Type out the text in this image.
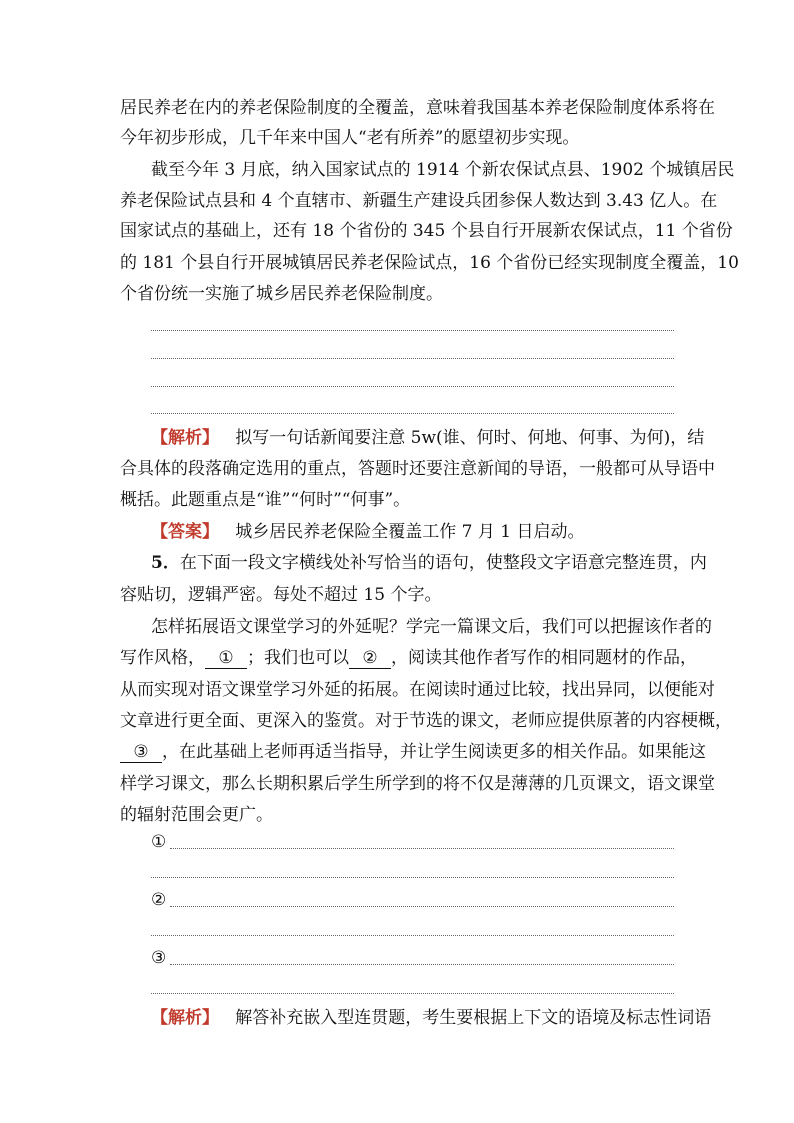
居民养老在内的养老保险制度的全覆盖，意味着我国基本养老保险制度体系将在
今年初步形成，几千年来中国人“老有所养”的愿望初步实现。
截至今年 3 月底，纳入国家试点的 1914 个新农保试点县、1902 个城镇居民
养老保险试点县和 4 个直辖市、新疆生产建设兵团参保人数达到 3.43 亿人。在
国家试点的基础上，还有 18 个省份的 345 个县自行开展新农保试点，11 个省份
的 181 个县自行开展城镇居民养老保险试点，16 个省份已经实现制度全覆盖，10
个省份统一实施了城乡居民养老保险制度。
【解析】 拟写一句话新闻要注意 5w(谁、何时、何地、何事、为何)，结
合具体的段落确定选用的重点，答题时还要注意新闻的导语，一般都可从导语中
概括。此题重点是“谁”“何时”“何事”。
【答案】 城乡居民养老保险全覆盖工作 7 月 1 日启动。
5．在下面一段文字横线处补写恰当的语句，使整段文字语意完整连贯，内
容贴切，逻辑严密。每处不超过 15 个字。
怎样拓展语文课堂学习的外延呢？学完一篇课文后，我们可以把握该作者的
写作风格， ① ；我们也可以 ② ，阅读其他作者写作的相同题材的作品，
从而实现对语文课堂学习外延的拓展。在阅读时通过比较，找出异同，以便能对
文章进行更全面、更深入的鉴赏。对于节选的课文，老师应提供原著的内容梗概，
③ ，在此基础上老师再适当指导，并让学生阅读更多的相关作品。如果能这
样学习课文，那么长期积累后学生所学到的将不仅是薄薄的几页课文，语文课堂
的辐射范围会更广。
①
②
③
【解析】 解答补充嵌入型连贯题，考生要根据上下文的语境及标志性词语
